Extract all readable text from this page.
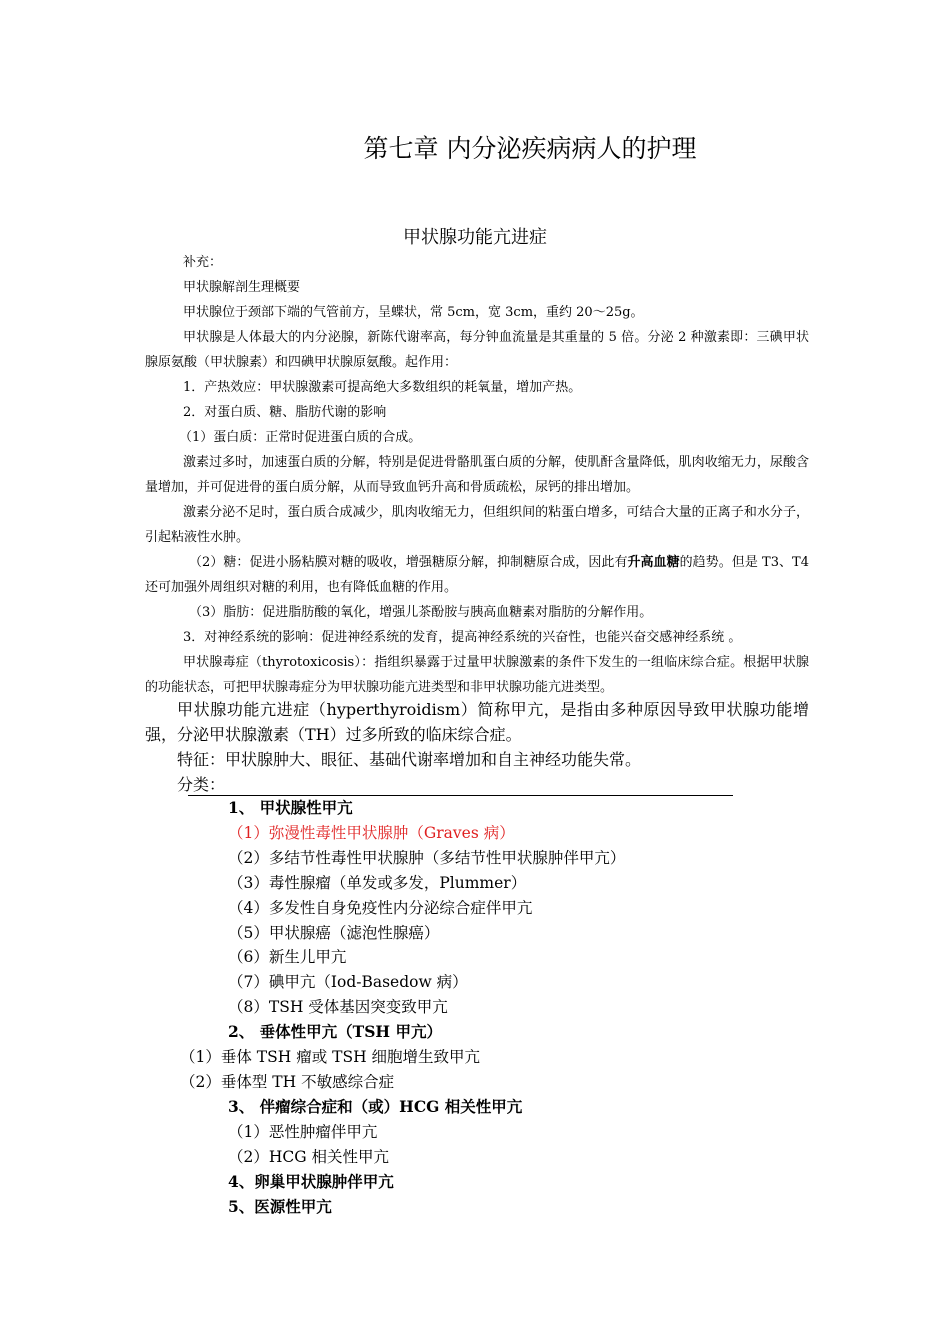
第七章 内分泌疾病病人的护理
甲状腺功能亢进症

补充：

甲状腺解剖生理概要

甲状腺位于颈部下端的气管前方，呈蝶状，常 5cm，宽 3cm，重约 20～25g。

甲状腺是人体最大的内分泌腺，新陈代谢率高，每分钟血流量是其重量的 5 倍。分泌 2 种激素即：三碘甲状腺原氨酸（甲状腺素）和四碘甲状腺原氨酸。起作用：

1．产热效应：甲状腺激素可提高绝大多数组织的耗氧量，增加产热。

2．对蛋白质、糖、脂肪代谢的影响

（1）蛋白质：正常时促进蛋白质的合成。

激素过多时，加速蛋白质的分解，特别是促进骨骼肌蛋白质的分解，使肌酐含量降低，肌肉收缩无力，尿酸含量增加，并可促进骨的蛋白质分解，从而导致血钙升高和骨质疏松，尿钙的排出增加。

激素分泌不足时，蛋白质合成减少，肌肉收缩无力，但组织间的粘蛋白增多，可结合大量的正离子和水分子，引起粘液性水肿。

（2）糖：促进小肠粘膜对糖的吸收，增强糖原分解，抑制糖原合成，因此有升高血糖的趋势。但是 T3、T4 还可加强外周组织对糖的利用，也有降低血糖的作用。

（3）脂肪：促进脂肪酸的氧化，增强儿茶酚胺与胰高血糖素对脂肪的分解作用。

3．对神经系统的影响：促进神经系统的发育，提高神经系统的兴奋性，也能兴奋交感神经系统 。

甲状腺毒症（thyrotoxicosis）：指组织暴露于过量甲状腺激素的条件下发生的一组临床综合症。根据甲状腺的功能状态，可把甲状腺毒症分为甲状腺功能亢进类型和非甲状腺功能亢进类型。

甲状腺功能亢进症（hyperthyroidism）简称甲亢，是指由多种原因导致甲状腺功能增强，分泌甲状腺激素（TH）过多所致的临床综合症。

特征：甲状腺肿大、眼征、基础代谢率增加和自主神经功能失常。

分类：

1、 甲状腺性甲亢
（1）弥漫性毒性甲状腺肿（Graves 病）
（2）多结节性毒性甲状腺肿（多结节性甲状腺肿伴甲亢）
（3）毒性腺瘤（单发或多发，Plummer）
（4）多发性自身免疫性内分泌综合症伴甲亢
（5）甲状腺癌（滤泡性腺癌）
（6）新生儿甲亢
（7）碘甲亢（Iod-Basedow 病）
（8）TSH 受体基因突变致甲亢
2、 垂体性甲亢（TSH 甲亢）
（1）垂体 TSH 瘤或 TSH 细胞增生致甲亢
（2）垂体型 TH 不敏感综合症
3、 伴瘤综合症和（或）HCG 相关性甲亢
（1）恶性肿瘤伴甲亢
（2）HCG 相关性甲亢
4、卵巢甲状腺肿伴甲亢
5、医源性甲亢
